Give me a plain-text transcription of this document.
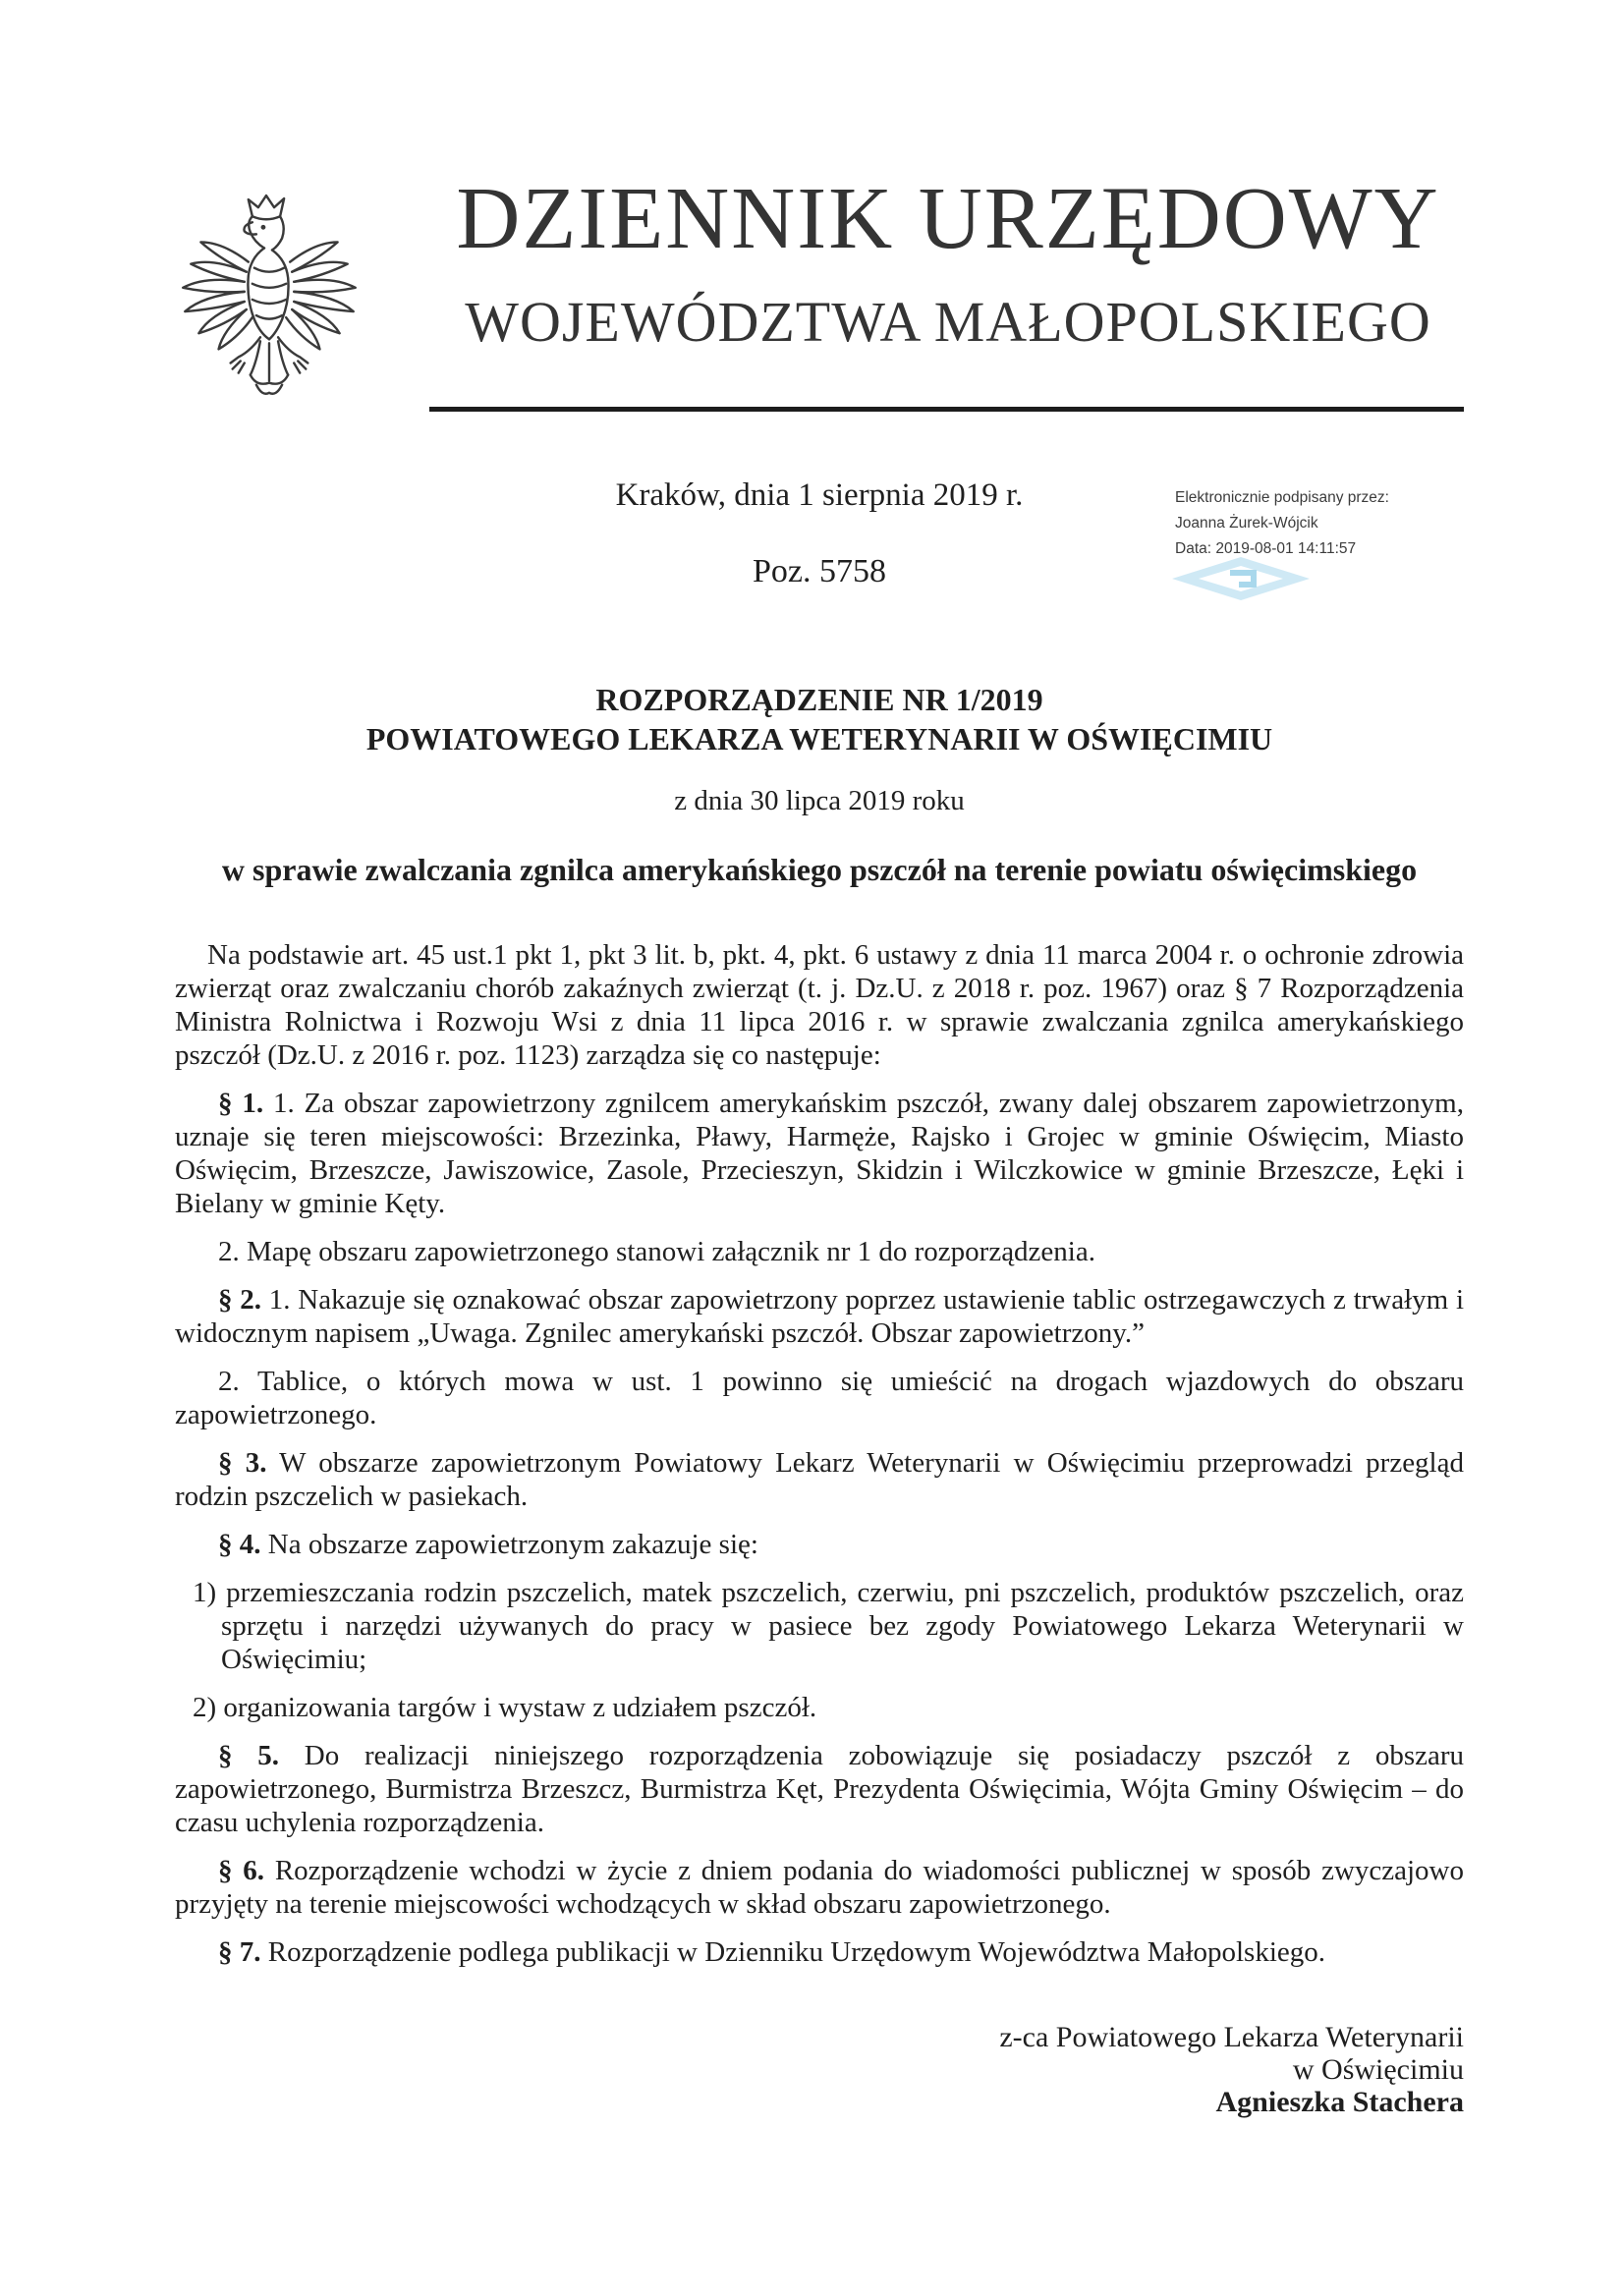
DZIENNIK URZĘDOWY
WOJEWÓDZTWA MAŁOPOLSKIEGO
Kraków, dnia 1 sierpnia 2019 r.
Poz. 5758
Elektronicznie podpisany przez:
Joanna Żurek-Wójcik
Data: 2019-08-01 14:11:57
ROZPORZĄDZENIE NR 1/2019
POWIATOWEGO LEKARZA WETERYNARII W OŚWIĘCIMIU
z dnia 30 lipca 2019 roku
w sprawie zwalczania zgnilca amerykańskiego pszczół na terenie powiatu oświęcimskiego

Na podstawie art. 45 ust.1 pkt 1, pkt 3 lit. b, pkt. 4, pkt. 6 ustawy z dnia 11 marca 2004 r. o ochronie zdrowia zwierząt oraz zwalczaniu chorób zakaźnych zwierząt (t. j. Dz.U. z 2018 r. poz. 1967) oraz § 7 Rozporządzenia Ministra Rolnictwa i Rozwoju Wsi z dnia 11 lipca 2016 r. w sprawie zwalczania zgnilca amerykańskiego pszczół (Dz.U. z 2016 r. poz. 1123) zarządza się co następuje:

§ 1. 1. Za obszar zapowietrzony zgnilcem amerykańskim pszczół, zwany dalej obszarem zapowietrzonym, uznaje się teren miejscowości: Brzezinka, Pławy, Harmęże, Rajsko i Grojec w gminie Oświęcim, Miasto Oświęcim, Brzeszcze, Jawiszowice, Zasole, Przecieszyn, Skidzin i Wilczkowice w gminie Brzeszcze, Łęki i Bielany w gminie Kęty.

2. Mapę obszaru zapowietrzonego stanowi załącznik nr 1 do rozporządzenia.

§ 2. 1. Nakazuje się oznakować obszar zapowietrzony poprzez ustawienie tablic ostrzegawczych z trwałym i widocznym napisem „Uwaga. Zgnilec amerykański pszczół. Obszar zapowietrzony.”

2. Tablice, o których mowa w ust. 1 powinno się umieścić na drogach wjazdowych do obszaru zapowietrzonego.

§ 3. W obszarze zapowietrzonym Powiatowy Lekarz Weterynarii w Oświęcimiu przeprowadzi przegląd rodzin pszczelich w pasiekach.

§ 4. Na obszarze zapowietrzonym zakazuje się:

1) przemieszczania rodzin pszczelich, matek pszczelich, czerwiu, pni pszczelich, produktów pszczelich, oraz sprzętu i narzędzi używanych do pracy w pasiece bez zgody Powiatowego Lekarza Weterynarii w Oświęcimiu;

2) organizowania targów i wystaw z udziałem pszczół.

§ 5. Do realizacji niniejszego rozporządzenia zobowiązuje się posiadaczy pszczół z obszaru zapowietrzonego, Burmistrza Brzeszcz, Burmistrza Kęt, Prezydenta Oświęcimia, Wójta Gminy Oświęcim – do czasu uchylenia rozporządzenia.

§ 6. Rozporządzenie wchodzi w życie z dniem podania do wiadomości publicznej w sposób zwyczajowo przyjęty na terenie miejscowości wchodzących w skład obszaru zapowietrzonego.

§ 7. Rozporządzenie podlega publikacji w Dzienniku Urzędowym Województwa Małopolskiego.

z-ca Powiatowego Lekarza Weterynarii
w Oświęcimiu
Agnieszka Stachera
